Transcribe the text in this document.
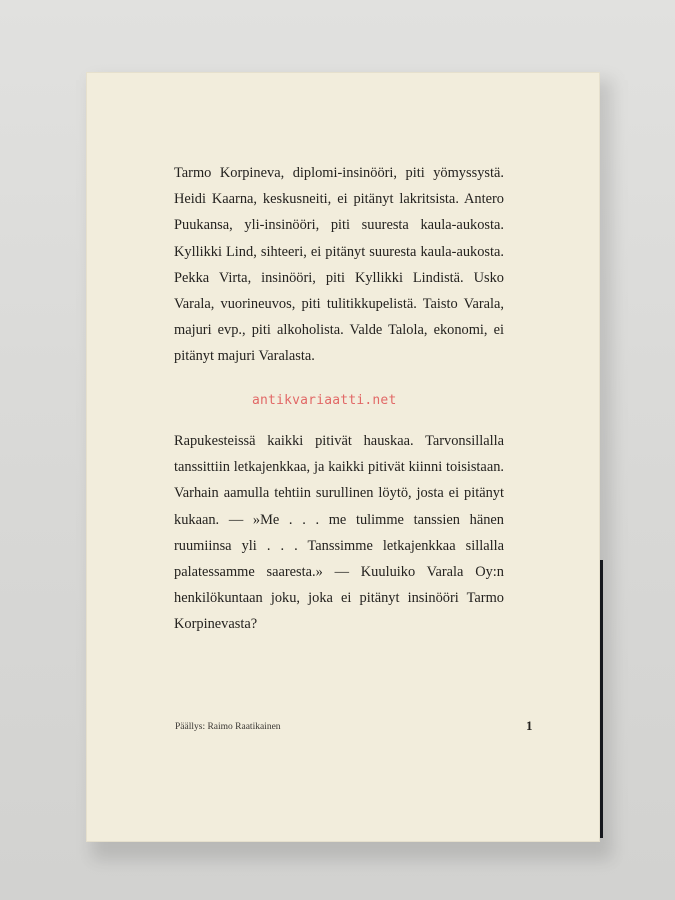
Tarmo Korpineva, diplomi-insinööri, piti yömyssystä. Heidi Kaarna, keskusneiti, ei pitänyt lakritsista. Antero Puukansa, yli-insinööri, piti suuresta kaula-aukosta. Kyllikki Lind, sihteeri, ei pitänyt suuresta kaula-aukosta. Pekka Virta, insinööri, piti Kyllikki Lindistä. Usko Varala, vuorineuvos, piti tulitikkupelistä. Taisto Varala, majuri evp., piti alkoholista. Valde Talola, ekonomi, ei pitänyt majuri Varalasta.

antikvariaatti.net

Rapukesteissä kaikki pitivät hauskaa. Tarvonsillalla tanssittiin letkajenkkaa, ja kaikki pitivät kiinni toisistaan. Varhain aamulla tehtiin surullinen löytö, josta ei pitänyt kukaan. — »Me . . . me tulimme tanssien hänen ruumiinsa yli . . . Tanssimme letkajenkkaa sillalla palatessamme saaresta.» — Kuuluiko Varala Oy:n henkilökuntaan joku, joka ei pitänyt insinööri Tarmo Korpinevasta?

Päällys: Raimo Raatikainen	1
